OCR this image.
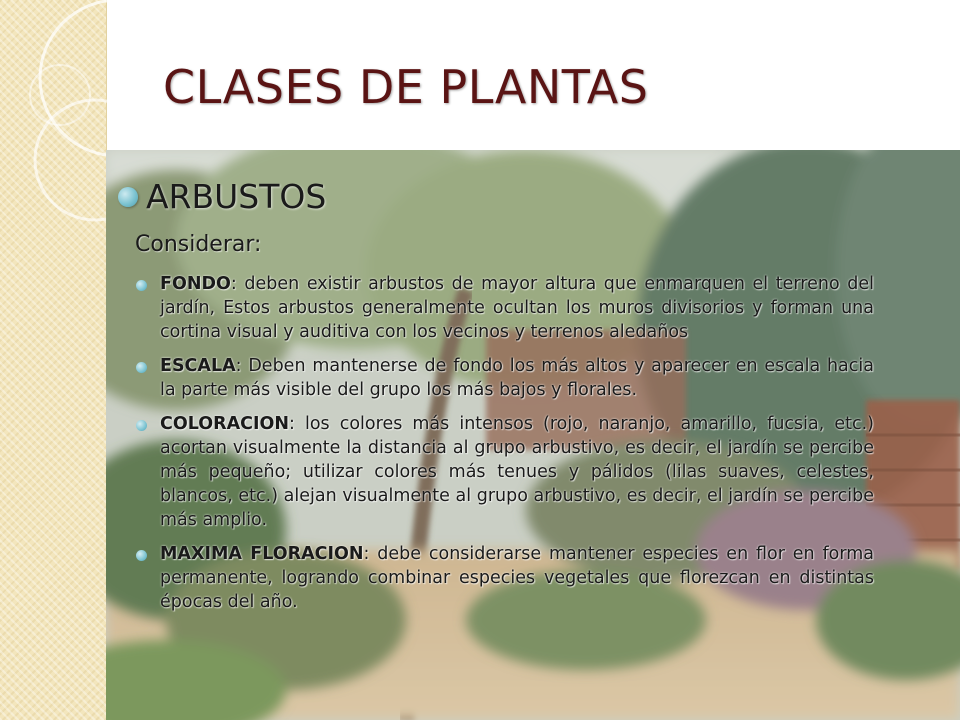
CLASES DE PLANTAS
ARBUSTOS
Considerar:
FONDO: deben existir arbustos de mayor altura que enmarquen el terreno del jardín, Estos arbustos generalmente ocultan los muros divisorios y forman una cortina visual y auditiva con los vecinos y terrenos aledaños
ESCALA: Deben mantenerse de fondo los más altos y aparecer en escala hacia la parte más visible del grupo los más bajos y florales.
COLORACION: los colores más intensos (rojo, naranjo, amarillo, fucsia, etc.) acortan visualmente la distancia al grupo arbustivo, es decir, el jardín se percibe más pequeño; utilizar colores más tenues y pálidos (lilas suaves, celestes, blancos, etc.) alejan visualmente al grupo arbustivo, es decir, el jardín se percibe más amplio.
MAXIMA FLORACION: debe considerarse mantener especies en flor en forma permanente, logrando combinar especies vegetales que florezcan en distintas épocas del año.
